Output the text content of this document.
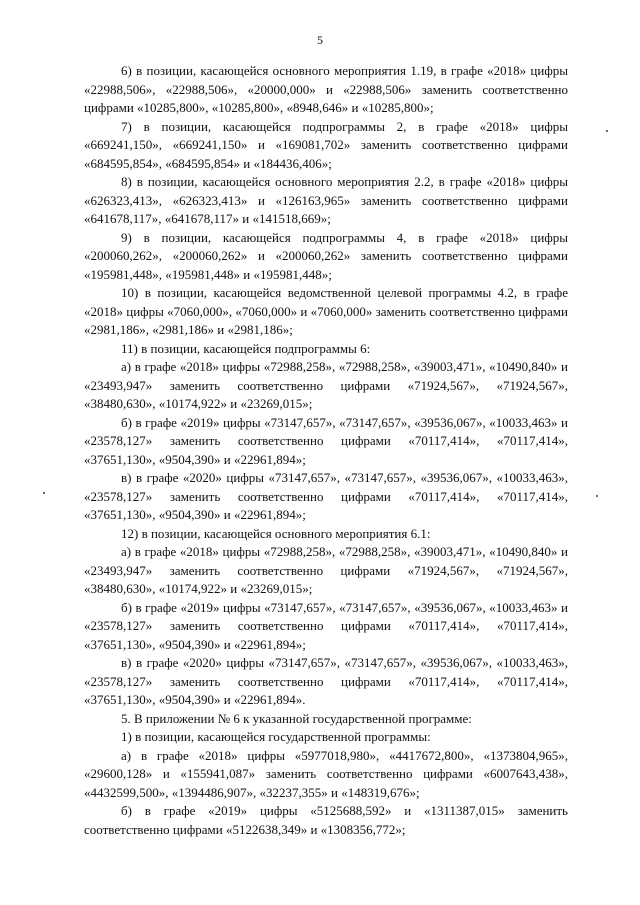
5

6) в позиции, касающейся основного мероприятия 1.19, в графе «2018» цифры «22988,506», «22988,506», «20000,000» и «22988,506» заменить соответственно цифрами «10285,800», «10285,800», «8948,646» и «10285,800»;

7) в позиции, касающейся подпрограммы 2, в графе «2018» цифры «669241,150», «669241,150» и «169081,702» заменить соответственно цифрами «684595,854», «684595,854» и «184436,406»;

8) в позиции, касающейся основного мероприятия 2.2, в графе «2018» цифры «626323,413», «626323,413» и «126163,965» заменить соответственно цифрами «641678,117», «641678,117» и «141518,669»;

9) в позиции, касающейся подпрограммы 4, в графе «2018» цифры «200060,262», «200060,262» и «200060,262» заменить соответственно цифрами «195981,448», «195981,448» и «195981,448»;

10) в позиции, касающейся ведомственной целевой программы 4.2, в графе «2018» цифры «7060,000», «7060,000» и «7060,000» заменить соответственно цифрами «2981,186», «2981,186» и «2981,186»;

11) в позиции, касающейся подпрограммы 6:

а) в графе «2018» цифры «72988,258», «72988,258», «39003,471», «10490,840» и «23493,947» заменить соответственно цифрами «71924,567», «71924,567», «38480,630», «10174,922» и «23269,015»;

б) в графе «2019» цифры «73147,657», «73147,657», «39536,067», «10033,463» и «23578,127» заменить соответственно цифрами «70117,414», «70117,414», «37651,130», «9504,390» и «22961,894»;

в) в графе «2020» цифры «73147,657», «73147,657», «39536,067», «10033,463», «23578,127» заменить соответственно цифрами «70117,414», «70117,414», «37651,130», «9504,390» и «22961,894»;

12) в позиции, касающейся основного мероприятия 6.1:

а) в графе «2018» цифры «72988,258», «72988,258», «39003,471», «10490,840» и «23493,947» заменить соответственно цифрами «71924,567», «71924,567», «38480,630», «10174,922» и «23269,015»;

б) в графе «2019» цифры «73147,657», «73147,657», «39536,067», «10033,463» и «23578,127» заменить соответственно цифрами «70117,414», «70117,414», «37651,130», «9504,390» и «22961,894»;

в) в графе «2020» цифры «73147,657», «73147,657», «39536,067», «10033,463», «23578,127» заменить соответственно цифрами «70117,414», «70117,414», «37651,130», «9504,390» и «22961,894».

5. В приложении № 6 к указанной государственной программе:

1) в позиции, касающейся государственной программы:

а) в графе «2018» цифры «5977018,980», «4417672,800», «1373804,965», «29600,128» и «155941,087» заменить соответственно цифрами «6007643,438», «4432599,500», «1394486,907», «32237,355» и «148319,676»;

б) в графе «2019» цифры «5125688,592» и «1311387,015» заменить соответственно цифрами «5122638,349» и «1308356,772»;
